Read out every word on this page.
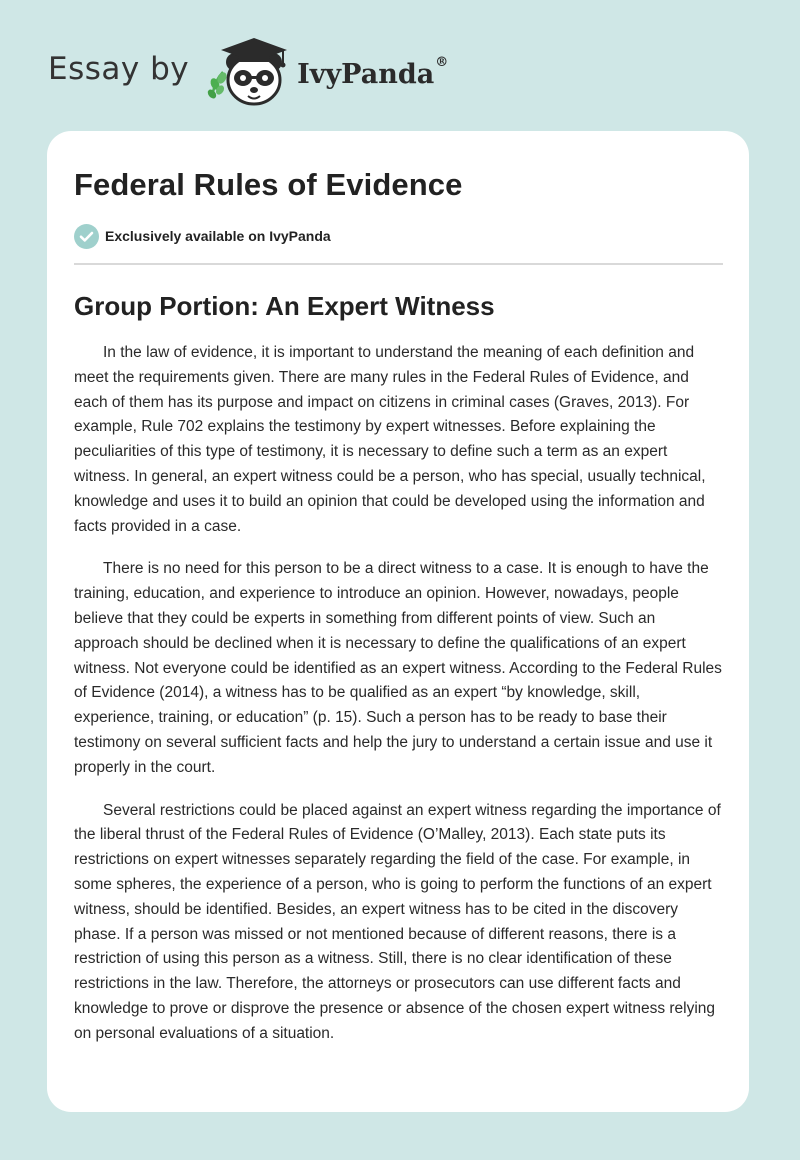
Essay by	IvyPanda®
Federal Rules of Evidence
Exclusively available on IvyPanda
Group Portion: An Expert Witness

In the law of evidence, it is important to understand the meaning of each definition and meet the requirements given. There are many rules in the Federal Rules of Evidence, and each of them has its purpose and impact on citizens in criminal cases (Graves, 2013). For example, Rule 702 explains the testimony by expert witnesses. Before explaining the peculiarities of this type of testimony, it is necessary to define such a term as an expert witness. In general, an expert witness could be a person, who has special, usually technical, knowledge and uses it to build an opinion that could be developed using the information and facts provided in a case.

There is no need for this person to be a direct witness to a case. It is enough to have the training, education, and experience to introduce an opinion. However, nowadays, people believe that they could be experts in something from different points of view. Such an approach should be declined when it is necessary to define the qualifications of an expert witness. Not everyone could be identified as an expert witness. According to the Federal Rules of Evidence (2014), a witness has to be qualified as an expert “by knowledge, skill, experience, training, or education” (p. 15). Such a person has to be ready to base their testimony on several sufficient facts and help the jury to understand a certain issue and use it properly in the court.

Several restrictions could be placed against an expert witness regarding the importance of the liberal thrust of the Federal Rules of Evidence (O’Malley, 2013). Each state puts its restrictions on expert witnesses separately regarding the field of the case. For example, in some spheres, the experience of a person, who is going to perform the functions of an expert witness, should be identified. Besides, an expert witness has to be cited in the discovery phase. If a person was missed or not mentioned because of different reasons, there is a restriction of using this person as a witness. Still, there is no clear identification of these restrictions in the law. Therefore, the attorneys or prosecutors can use different facts and knowledge to prove or disprove the presence or absence of the chosen expert witness relying on personal evaluations of a situation.
